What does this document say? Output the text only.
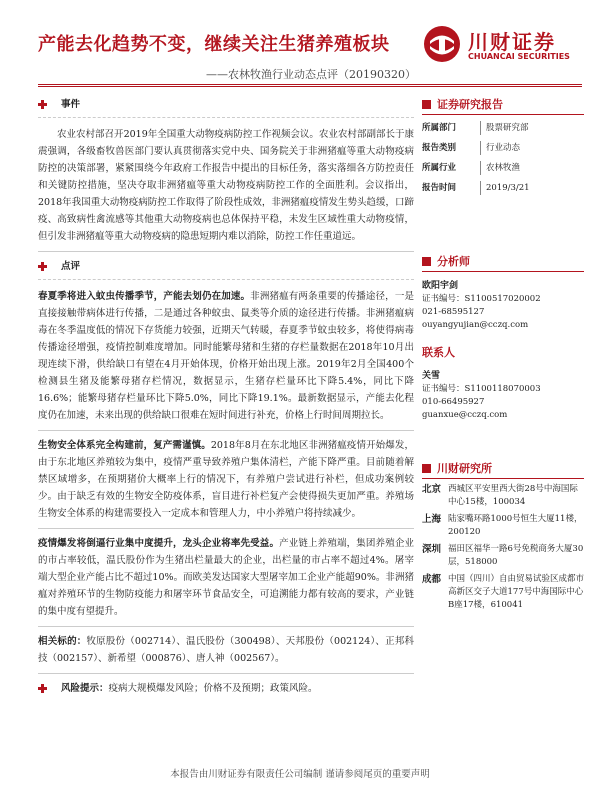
产能去化趋势不变，继续关注生猪养殖板块
——农林牧渔行业动态点评（20190320）
川财证券
CHUANCAI SECURITIES
事件

农业农村部召开2019年全国重大动物疫病防控工作视频会议。农业农村部副部长于康震强调，各级畜牧兽医部门要认真贯彻落实党中央、国务院关于非洲猪瘟等重大动物疫病防控的决策部署，紧紧围绕今年政府工作报告中提出的目标任务，落实落细各方防控责任和关键防控措施，坚决夺取非洲猪瘟等重大动物疫病防控工作的全面胜利。会议指出，2018年我国重大动物疫病防控工作取得了阶段性成效，非洲猪瘟疫情发生势头趋缓，口蹄疫、高致病性禽流感等其他重大动物疫病也总体保持平稳，未发生区域性重大动物疫情，但引发非洲猪瘟等重大动物疫病的隐患短期内难以消除，防控工作任重道远。

点评

春夏季将进入蚊虫传播季节，产能去划仍在加速。非洲猪瘟有两条重要的传播途径，一是直接接触带病体进行传播，二是通过各种蚊虫、鼠类等介质的途径进行传播。非洲猪瘟病毒在冬季温度低的情况下存货能力较强，近期天气转暖，春夏季节蚊虫较多，将使得病毒传播途径增强，疫情控制难度增加。同时能繁母猪和生猪的存栏量数据在2018年10月出现连续下滑，供给缺口有望在4月开始体现，价格开始出现上涨。2019年2月全国400个检测县生猪及能繁母猪存栏情况，数据显示，生猪存栏量环比下降5.4%，同比下降16.6%；能繁母猪存栏量环比下降5.0%，同比下降19.1%。最新数据显示，产能去化程度仍在加速，未来出现的供给缺口很难在短时间进行补充，价格上行时间周期拉长。

生物安全体系完全构建前，复产需谨慎。2018年8月在东北地区非洲猪瘟疫情开始爆发，由于东北地区养殖较为集中，疫情严重导致养殖户集体清栏，产能下降严重。目前随着解禁区域增多，在预期猪价大概率上行的情况下，有养殖户尝试进行补栏，但成功案例较少。由于缺乏有效的生物安全防疫体系，盲目进行补栏复产会使得损失更加严重。养殖场生物安全体系的构建需要投入一定成本和管理人力，中小养殖户将持续减少。

疫情爆发将倒逼行业集中度提升，龙头企业将率先受益。产业链上养殖端，集团养殖企业的市占率较低，温氏股份作为生猪出栏量最大的企业，出栏量的市占率不超过4%。屠宰端大型企业产能占比不超过10%。而欧美发达国家大型屠宰加工企业产能超90%。非洲猪瘟对养殖环节的生物防疫能力和屠宰环节食品安全，可追溯能力都有较高的要求，产业链的集中度有望提升。

相关标的：牧原股份（002714）、温氏股份（300498）、天邦股份（002124）、正邦科技（002157）、新希望（000876）、唐人神（002567）。

风险提示： 疫病大规模爆发风险；价格不及预期；政策风险。
证券研究报告
所属部门	股票研究部
报告类别	行业动态
所属行业	农林牧渔
报告时间	2019/3/21
分析师
欧阳宇剑
证书编号：S1100517020002
021-68595127
ouyangyujian@cczq.com
联系人
关雪
证书编号：S1100118070003
010-66495927
guanxue@cczq.com
川财研究所
北京 西城区平安里西大街28号中海国际中心15楼，100034
上海 陆家嘴环路1000号恒生大厦11楼，200120
深圳 福田区福华一路6号免税商务大厦30层，518000
成都 中国（四川）自由贸易试验区成都市高新区交子大道177号中海国际中心B座17楼，610041
本报告由川财证券有限责任公司编制 谨请参阅尾页的重要声明
